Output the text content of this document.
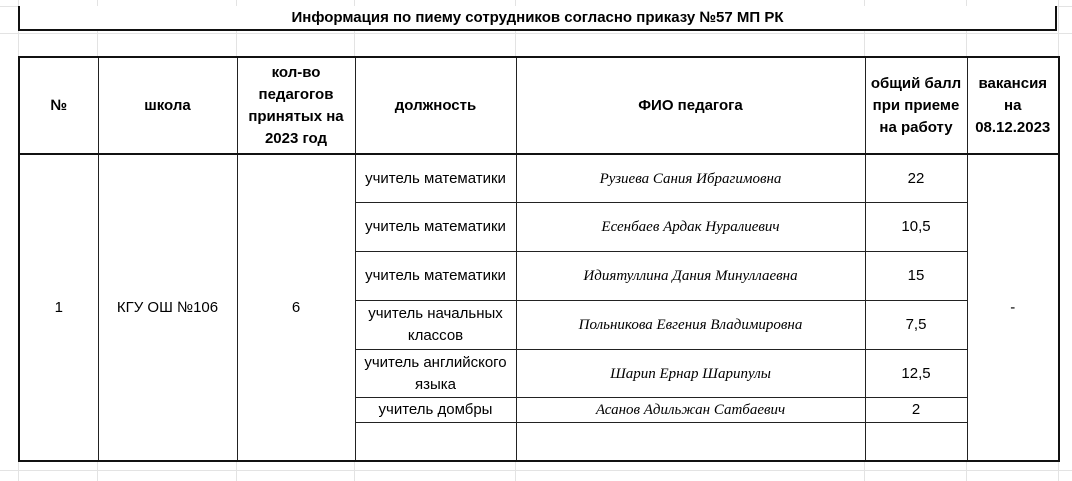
Информация по пиему сотрудников согласно приказу №57 МП РК
№	школа	кол-во педагогов принятых на 2023 год	должность	ФИО педагога	общий балл при приеме на работу	вакансия на 08.12.2023
1	КГУ ОШ №106	6	учитель математики	Рузиева Сания Ибрагимовна	22	-
			учитель математики	Есенбаев Ардак Нуралиевич	10,5	
			учитель математики	Идиятуллина Дания Минуллаевна	15	
			учитель начальных классов	Польникова Евгения Владимировна	7,5	
			учитель английского языка	Шарип Ернар Шарипулы	12,5	
			учитель домбры	Асанов Адильжан Сатбаевич	2	
